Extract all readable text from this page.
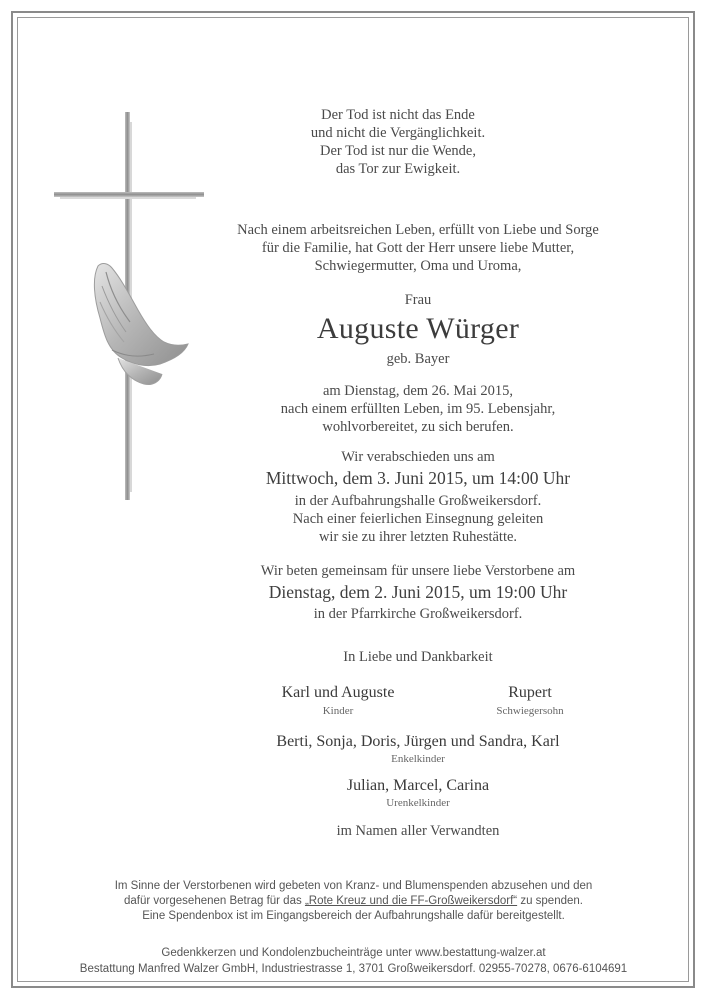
Der Tod ist nicht das Ende
und nicht die Vergänglichkeit.
Der Tod ist nur die Wende,
das Tor zur Ewigkeit.
Nach einem arbeitsreichen Leben, erfüllt von Liebe und Sorge
für die Familie, hat Gott der Herr unsere liebe Mutter,
Schwiegermutter, Oma und Uroma,
Frau
Auguste Würger
geb. Bayer
am Dienstag, dem 26. Mai 2015,
nach einem erfüllten Leben, im 95. Lebensjahr,
wohlvorbereitet, zu sich berufen.
Wir verabschieden uns am
Mittwoch, dem 3. Juni 2015, um 14:00 Uhr
in der Aufbahrungshalle Großweikersdorf.
Nach einer feierlichen Einsegnung geleiten
wir sie zu ihrer letzten Ruhestätte.
Wir beten gemeinsam für unsere liebe Verstorbene am
Dienstag, dem 2. Juni 2015, um 19:00 Uhr
in der Pfarrkirche Großweikersdorf.
In Liebe und Dankbarkeit
Karl und Auguste
Kinder
Rupert
Schwiegersohn
Berti, Sonja, Doris, Jürgen und Sandra, Karl
Enkelkinder
Julian, Marcel, Carina
Urenkelkinder
im Namen aller Verwandten
Im Sinne der Verstorbenen wird gebeten von Kranz- und Blumenspenden abzusehen und den
dafür vorgesehenen Betrag für das „Rote Kreuz und die FF-Großweikersdorf“ zu spenden.
Eine Spendenbox ist im Eingangsbereich der Aufbahrungshalle dafür bereitgestellt.
Gedenkkerzen und Kondolenzbucheinträge unter www.bestattung-walzer.at
Bestattung Manfred Walzer GmbH, Industriestrasse 1, 3701 Großweikersdorf. 02955-70278, 0676-6104691
